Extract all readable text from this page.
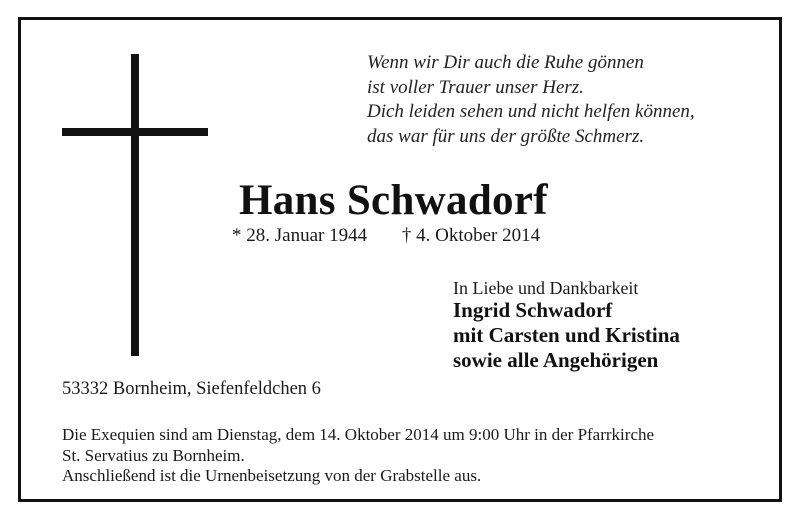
Wenn wir Dir auch die Ruhe gönnen
ist voller Trauer unser Herz.
Dich leiden sehen und nicht helfen können,
das war für uns der größte Schmerz.
Hans Schwadorf
* 28. Januar 1944 † 4. Oktober 2014
In Liebe und Dankbarkeit
Ingrid Schwadorf
mit Carsten und Kristina
sowie alle Angehörigen
53332 Bornheim, Siefenfeldchen 6
Die Exequien sind am Dienstag, dem 14. Oktober 2014 um 9:00 Uhr in der Pfarrkirche
St. Servatius zu Bornheim.
Anschließend ist die Urnenbeisetzung von der Grabstelle aus.
